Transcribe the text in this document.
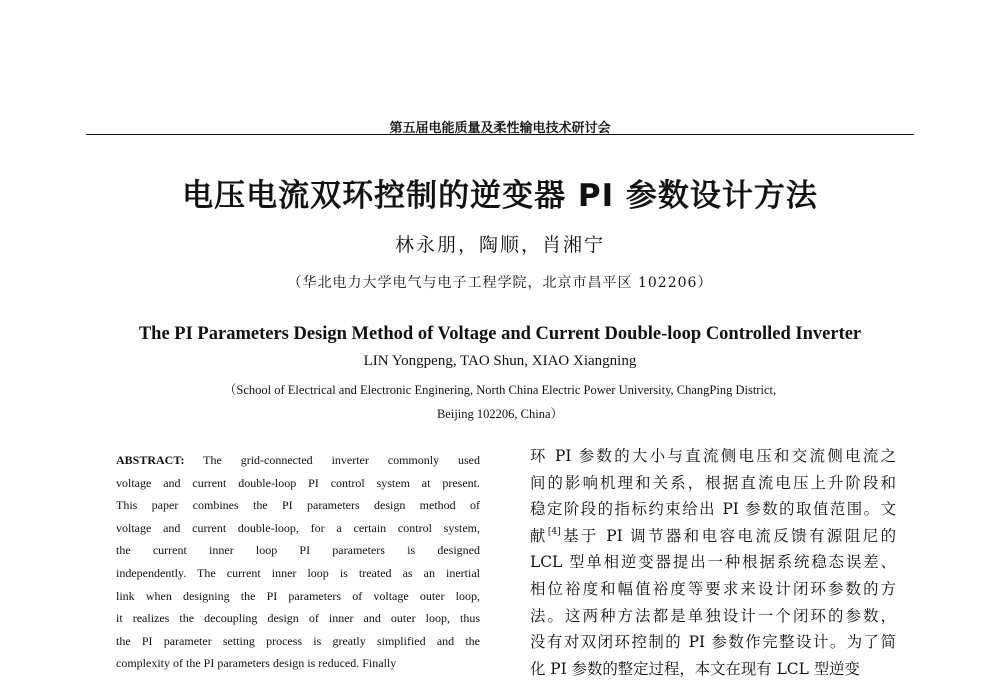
第五届电能质量及柔性输电技术研讨会
电压电流双环控制的逆变器 PI 参数设计方法
林永朋，陶顺，肖湘宁
（华北电力大学电气与电子工程学院，北京市昌平区 102206）
The PI Parameters Design Method of Voltage and Current Double-loop Controlled Inverter
LIN Yongpeng, TAO Shun, XIAO Xiangning
（School of Electrical and Electronic Enginering, North China Electric Power University, ChangPing District,
Beijing 102206, China）
ABSTRACT: The grid-connected inverter commonly used
voltage and current double-loop PI control system at present.
This paper combines the PI parameters design method of
voltage and current double-loop, for a certain control system,
the current inner loop PI parameters is designed
independently. The current inner loop is treated as an inertial
link when designing the PI parameters of voltage outer loop,
it realizes the decoupling design of inner and outer loop, thus
the PI parameter setting process is greatly simplified and the
complexity of the PI parameters design is reduced. Finally
环 PI 参数的大小与直流侧电压和交流侧电流之
间的影响机理和关系，根据直流电压上升阶段和
稳定阶段的指标约束给出 PI 参数的取值范围。文
献[4]基于 PI 调节器和电容电流反馈有源阻尼的
LCL 型单相逆变器提出一种根据系统稳态误差、
相位裕度和幅值裕度等要求来设计闭环参数的方
法。这两种方法都是单独设计一个闭环的参数，
没有对双闭环控制的 PI 参数作完整设计。为了简
化 PI 参数的整定过程，本文在现有 LCL 型逆变
